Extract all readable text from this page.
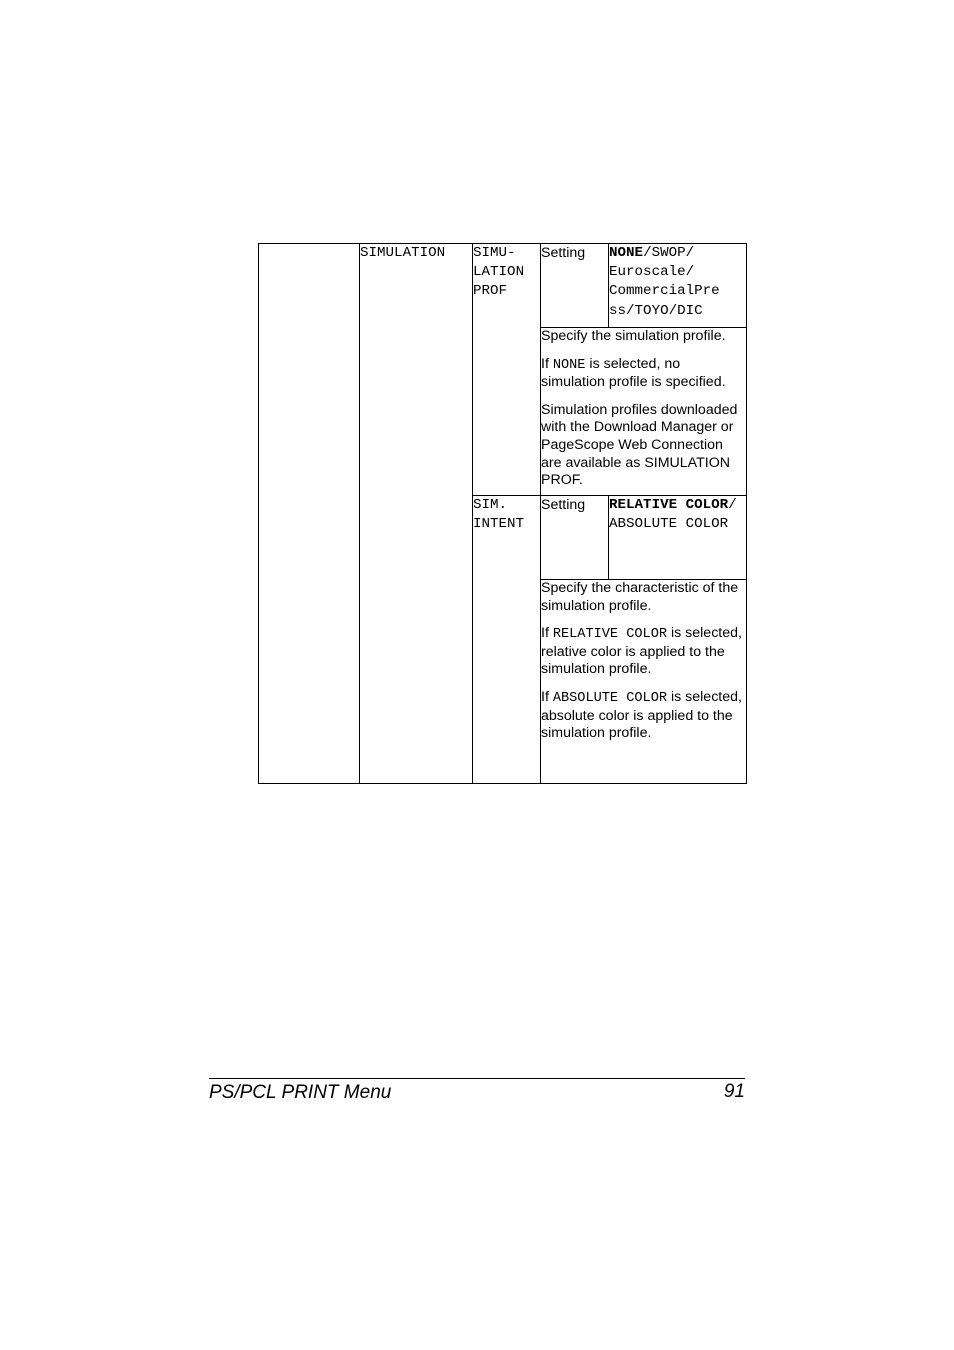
	SIMULATION	SIMU-
LATION
PROF	Setting	NONE/SWOP/
Euroscale/
CommercialPre
ss/TOYO/DIC

			Specify the simulation profile.

If NONE is selected, no simulation profile is specified.

Simulation profiles downloaded with the Download Manager or PageScope Web Connection are available as SIMULATION PROF.	

		SIM.
INTENT	Setting	RELATIVE COLOR/ ABSOLUTE COLOR

			Specify the characteristic of the simulation profile.

If RELATIVE COLOR is selected, relative color is applied to the simulation profile.

If ABSOLUTE COLOR is selected, absolute color is applied to the simulation profile.	

PS/PCL PRINT Menu	91
